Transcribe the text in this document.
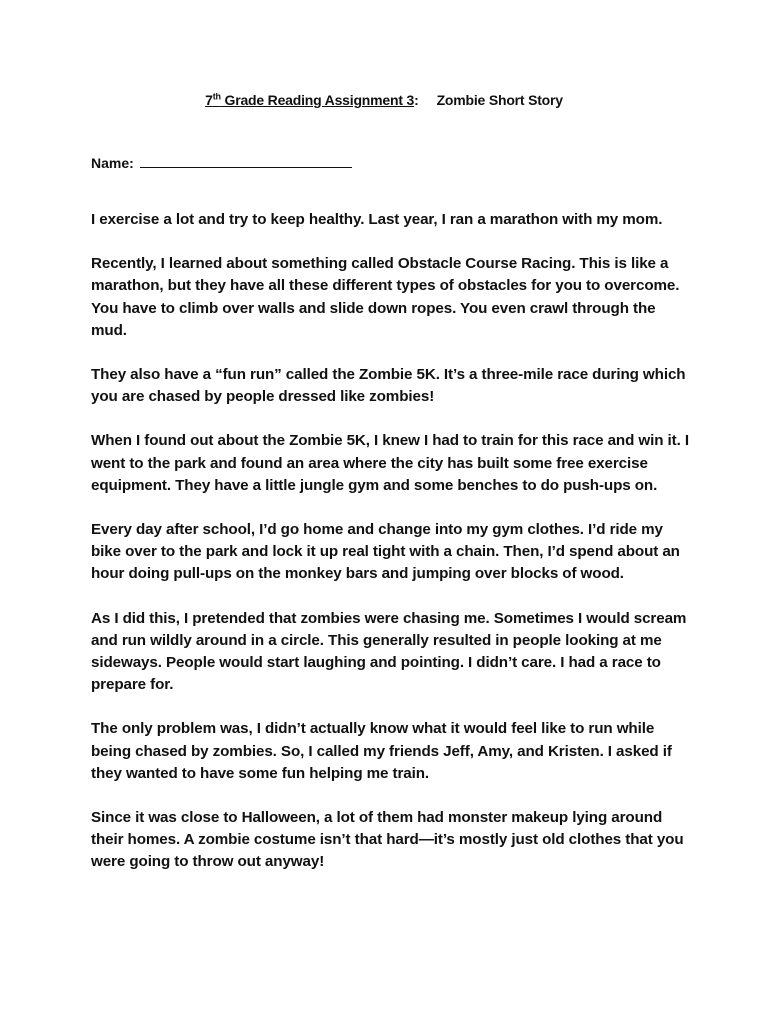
7th Grade Reading Assignment 3: Zombie Short Story
Name:

I exercise a lot and try to keep healthy. Last year, I ran a marathon with my mom.

Recently, I learned about something called Obstacle Course Racing. This is like a marathon, but they have all these different types of obstacles for you to overcome. You have to climb over walls and slide down ropes. You even crawl through the mud.

They also have a “fun run” called the Zombie 5K. It’s a three-mile race during which you are chased by people dressed like zombies!

When I found out about the Zombie 5K, I knew I had to train for this race and win it. I went to the park and found an area where the city has built some free exercise equipment. They have a little jungle gym and some benches to do push-ups on.

Every day after school, I’d go home and change into my gym clothes. I’d ride my bike over to the park and lock it up real tight with a chain. Then, I’d spend about an hour doing pull-ups on the monkey bars and jumping over blocks of wood.

As I did this, I pretended that zombies were chasing me. Sometimes I would scream and run wildly around in a circle. This generally resulted in people looking at me sideways. People would start laughing and pointing. I didn’t care. I had a race to prepare for.

The only problem was, I didn’t actually know what it would feel like to run while being chased by zombies. So, I called my friends Jeff, Amy, and Kristen. I asked if they wanted to have some fun helping me train.

Since it was close to Halloween, a lot of them had monster makeup lying around their homes. A zombie costume isn’t that hard—it’s mostly just old clothes that you were going to throw out anyway!
